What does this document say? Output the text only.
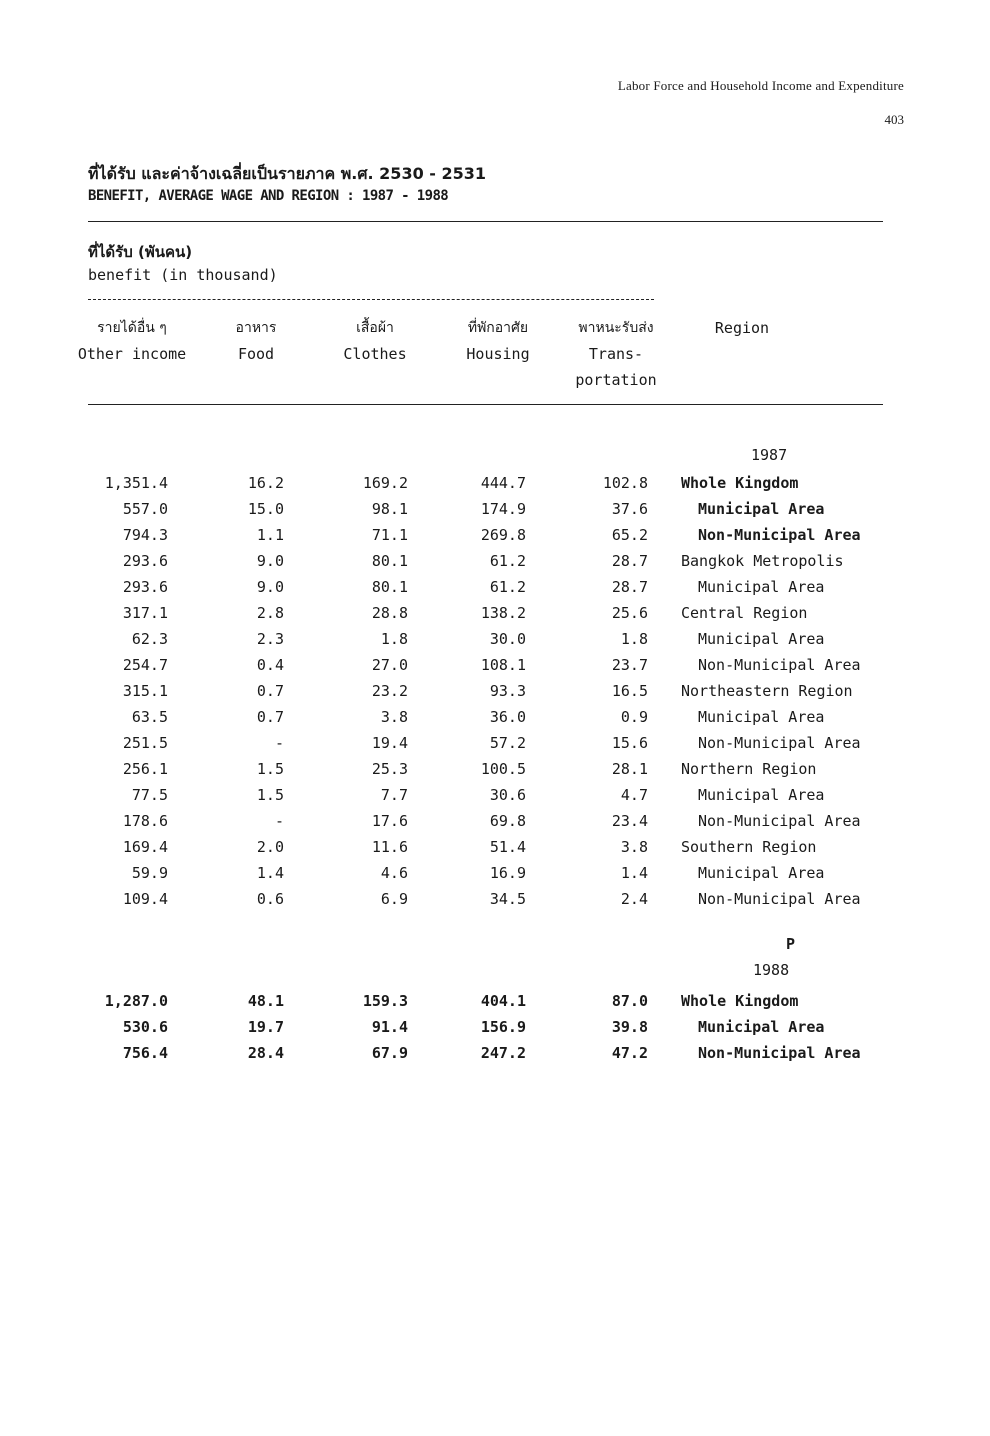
Labor Force and Household Income and Expenditure
403
ที่ได้รับ และค่าจ้างเฉลี่ยเป็นรายภาค พ.ศ. 2530 - 2531
BENEFIT, AVERAGE WAGE AND REGION : 1987 - 1988
ที่ได้รับ (พันคน)
benefit (in thousand)
รายได้อื่น ๆ
Other income
อาหาร
Food
เสื้อผ้า
Clothes
ที่พักอาศัย
Housing
พาหนะรับส่ง
Trans-
portation
Region
1987
1,351.4	16.2	169.2	444.7	102.8 Whole Kingdom
557.0	15.0	98.1	174.9	37.6	Municipal Area
794.3	1.1	71.1	269.8	65.2	Non-Municipal Area
293.6	9.0	80.1	61.2	28.7 Bangkok Metropolis
293.6	9.0	80.1	61.2	28.7	Municipal Area
317.1	2.8	28.8	138.2	25.6 Central Region
62.3	2.3	1.8	30.0	1.8	Municipal Area
254.7	0.4	27.0	108.1	23.7	Non-Municipal Area
315.1	0.7	23.2	93.3	16.5 Northeastern Region
63.5	0.7	3.8	36.0	0.9	Municipal Area
251.5	-	19.4	57.2	15.6	Non-Municipal Area
256.1	1.5	25.3	100.5	28.1 Northern Region
77.5	1.5	7.7	30.6	4.7	Municipal Area
178.6	-	17.6	69.8	23.4	Non-Municipal Area
169.4	2.0	11.6	51.4	3.8 Southern Region
59.9	1.4	4.6	16.9	1.4	Municipal Area
109.4	0.6	6.9	34.5	2.4	Non-Municipal Area
P
1988
1,287.0	48.1	159.3	404.1	87.0 Whole Kingdom
530.6	19.7	91.4	156.9	39.8	Municipal Area
756.4	28.4	67.9	247.2	47.2	Non-Municipal Area
